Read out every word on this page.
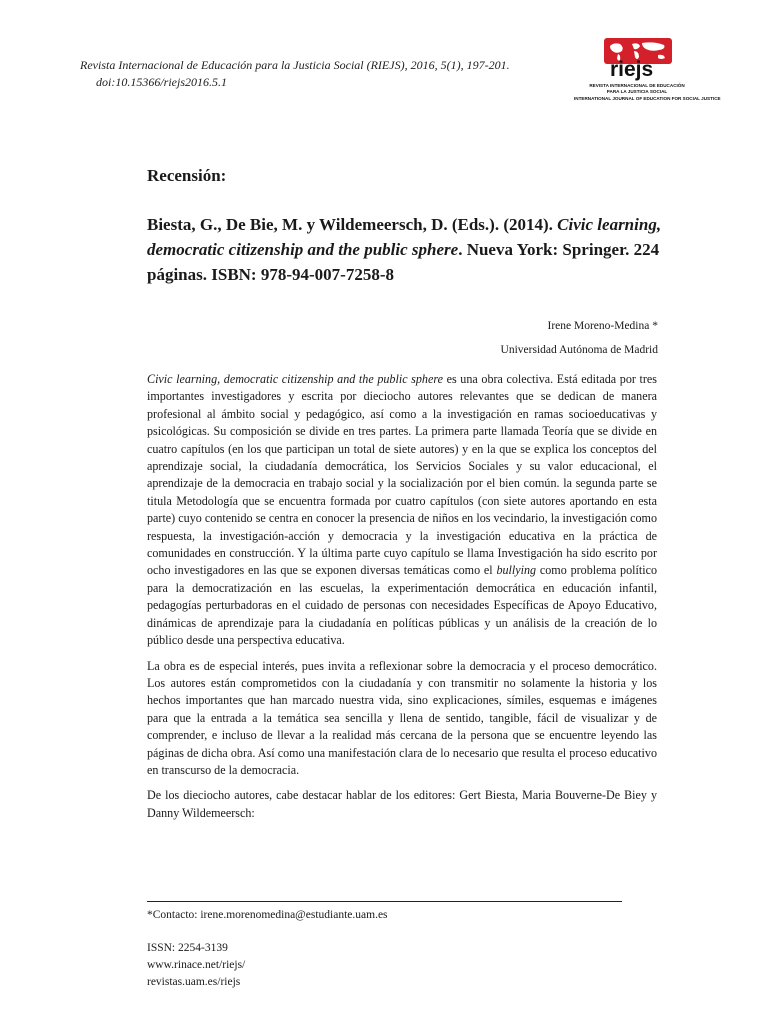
Revista Internacional de Educación para la Justicia Social (RIEJS), 2016, 5(1), 197-201.
doi:10.15366/riejs2016.5.1
riejs
REVISTA INTERNACIONAL DE EDUCACIÓN
PARA LA JUSTICIA SOCIAL
INTERNATIONAL JOURNAL OF EDUCATION FOR SOCIAL JUSTICE
Recensión:
Biesta, G., De Bie, M. y Wildemeersch, D. (Eds.). (2014). Civic learning, democratic citizenship and the public sphere. Nueva York: Springer. 224 páginas. ISBN: 978-94-007-7258-8
Irene Moreno-Medina *
Universidad Autónoma de Madrid

Civic learning, democratic citizenship and the public sphere es una obra colectiva. Está editada por tres importantes investigadores y escrita por dieciocho autores relevantes que se dedican de manera profesional al ámbito social y pedagógico, así como a la investigación en ramas socioeducativas y psicológicas. Su composición se divide en tres partes. La primera parte llamada Teoría que se divide en cuatro capítulos (en los que participan un total de siete autores) y en la que se explica los conceptos del aprendizaje social, la ciudadanía democrática, los Servicios Sociales y su valor educacional, el aprendizaje de la democracia en trabajo social y la socialización por el bien común. la segunda parte se titula Metodología que se encuentra formada por cuatro capítulos (con siete autores aportando en esta parte) cuyo contenido se centra en conocer la presencia de niños en los vecindario, la investigación como respuesta, la investigación-acción y democracia y la investigación educativa en la práctica de comunidades en construcción. Y la última parte cuyo capítulo se llama Investigación ha sido escrito por ocho investigadores en las que se exponen diversas temáticas como el bullying como problema político para la democratización en las escuelas, la experimentación democrática en educación infantil, pedagogías perturbadoras en el cuidado de personas con necesidades Específicas de Apoyo Educativo, dinámicas de aprendizaje para la ciudadanía en políticas públicas y un análisis de la creación de lo público desde una perspectiva educativa.

La obra es de especial interés, pues invita a reflexionar sobre la democracia y el proceso democrático. Los autores están comprometidos con la ciudadanía y con transmitir no solamente la historia y los hechos importantes que han marcado nuestra vida, sino explicaciones, símiles, esquemas e imágenes para que la entrada a la temática sea sencilla y llena de sentido, tangible, fácil de visualizar y de comprender, e incluso de llevar a la realidad más cercana de la persona que se encuentre leyendo las páginas de dicha obra. Así como una manifestación clara de lo necesario que resulta el proceso educativo en transcurso de la democracia.

De los dieciocho autores, cabe destacar hablar de los editores: Gert Biesta, Maria Bouverne-De Biey y Danny Wildemeersch:

*Contacto: irene.morenomedina@estudiante.uam.es
ISSN: 2254-3139
www.rinace.net/riejs/
revistas.uam.es/riejs
